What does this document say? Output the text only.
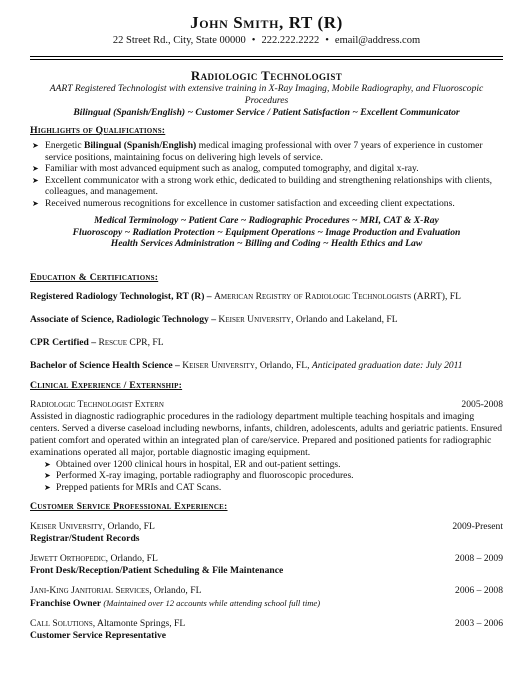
John Smith, RT (R)
22 Street Rd., City, State 00000 • 222.222.2222 • email@address.com
Radiologic Technologist
AART Registered Technologist with extensive training in X-Ray Imaging, Mobile Radiography, and Fluoroscopic Procedures
Bilingual (Spanish/English) ~ Customer Service / Patient Satisfaction ~ Excellent Communicator
Highlights of Qualifications:
➤ Energetic Bilingual (Spanish/English) medical imaging professional with over 7 years of experience in customer service positions, maintaining focus on delivering high levels of service.
➤ Familiar with most advanced equipment such as analog, computed tomography, and digital x-ray.
➤ Excellent communicator with a strong work ethic, dedicated to building and strengthening relationships with clients, colleagues, and management.
➤ Received numerous recognitions for excellence in customer satisfaction and exceeding client expectations.
Medical Terminology ~ Patient Care ~ Radiographic Procedures ~ MRI, CAT & X-Ray
Fluoroscopy ~ Radiation Protection ~ Equipment Operations ~ Image Production and Evaluation
Health Services Administration ~ Billing and Coding ~ Health Ethics and Law
Education & Certifications:
Registered Radiology Technologist, RT (R) – American Registry of Radiologic Technologists (ARRT), FL
Associate of Science, Radiologic Technology – Keiser University, Orlando and Lakeland, FL
CPR Certified – Rescue CPR, FL
Bachelor of Science Health Science – Keiser University, Orlando, FL, Anticipated graduation date: July 2011
Clinical Experience / Externship:
Radiologic Technologist Extern	2005-2008
Assisted in diagnostic radiographic procedures in the radiology department multiple teaching hospitals and imaging centers. Served a diverse caseload including newborns, infants, children, adolescents, adults and geriatric patients. Ensured patient comfort and operated within an integrated plan of care/service. Prepared and positioned patients for radiographic examinations operated all major, portable diagnostic imaging equipment.
➤ Obtained over 1200 clinical hours in hospital, ER and out-patient settings.
➤ Performed X-ray imaging, portable radiography and fluoroscopic procedures.
➤ Prepped patients for MRIs and CAT Scans.
Customer Service Professional Experience:
Keiser University, Orlando, FL	2009-Present
Registrar/Student Records
Jewett Orthopedic, Orlando, FL	2008 – 2009
Front Desk/Reception/Patient Scheduling & File Maintenance
Jani-King Janitorial Services, Orlando, FL	2006 – 2008
Franchise Owner (Maintained over 12 accounts while attending school full time)
Call Solutions, Altamonte Springs, FL	2003 – 2006
Customer Service Representative
